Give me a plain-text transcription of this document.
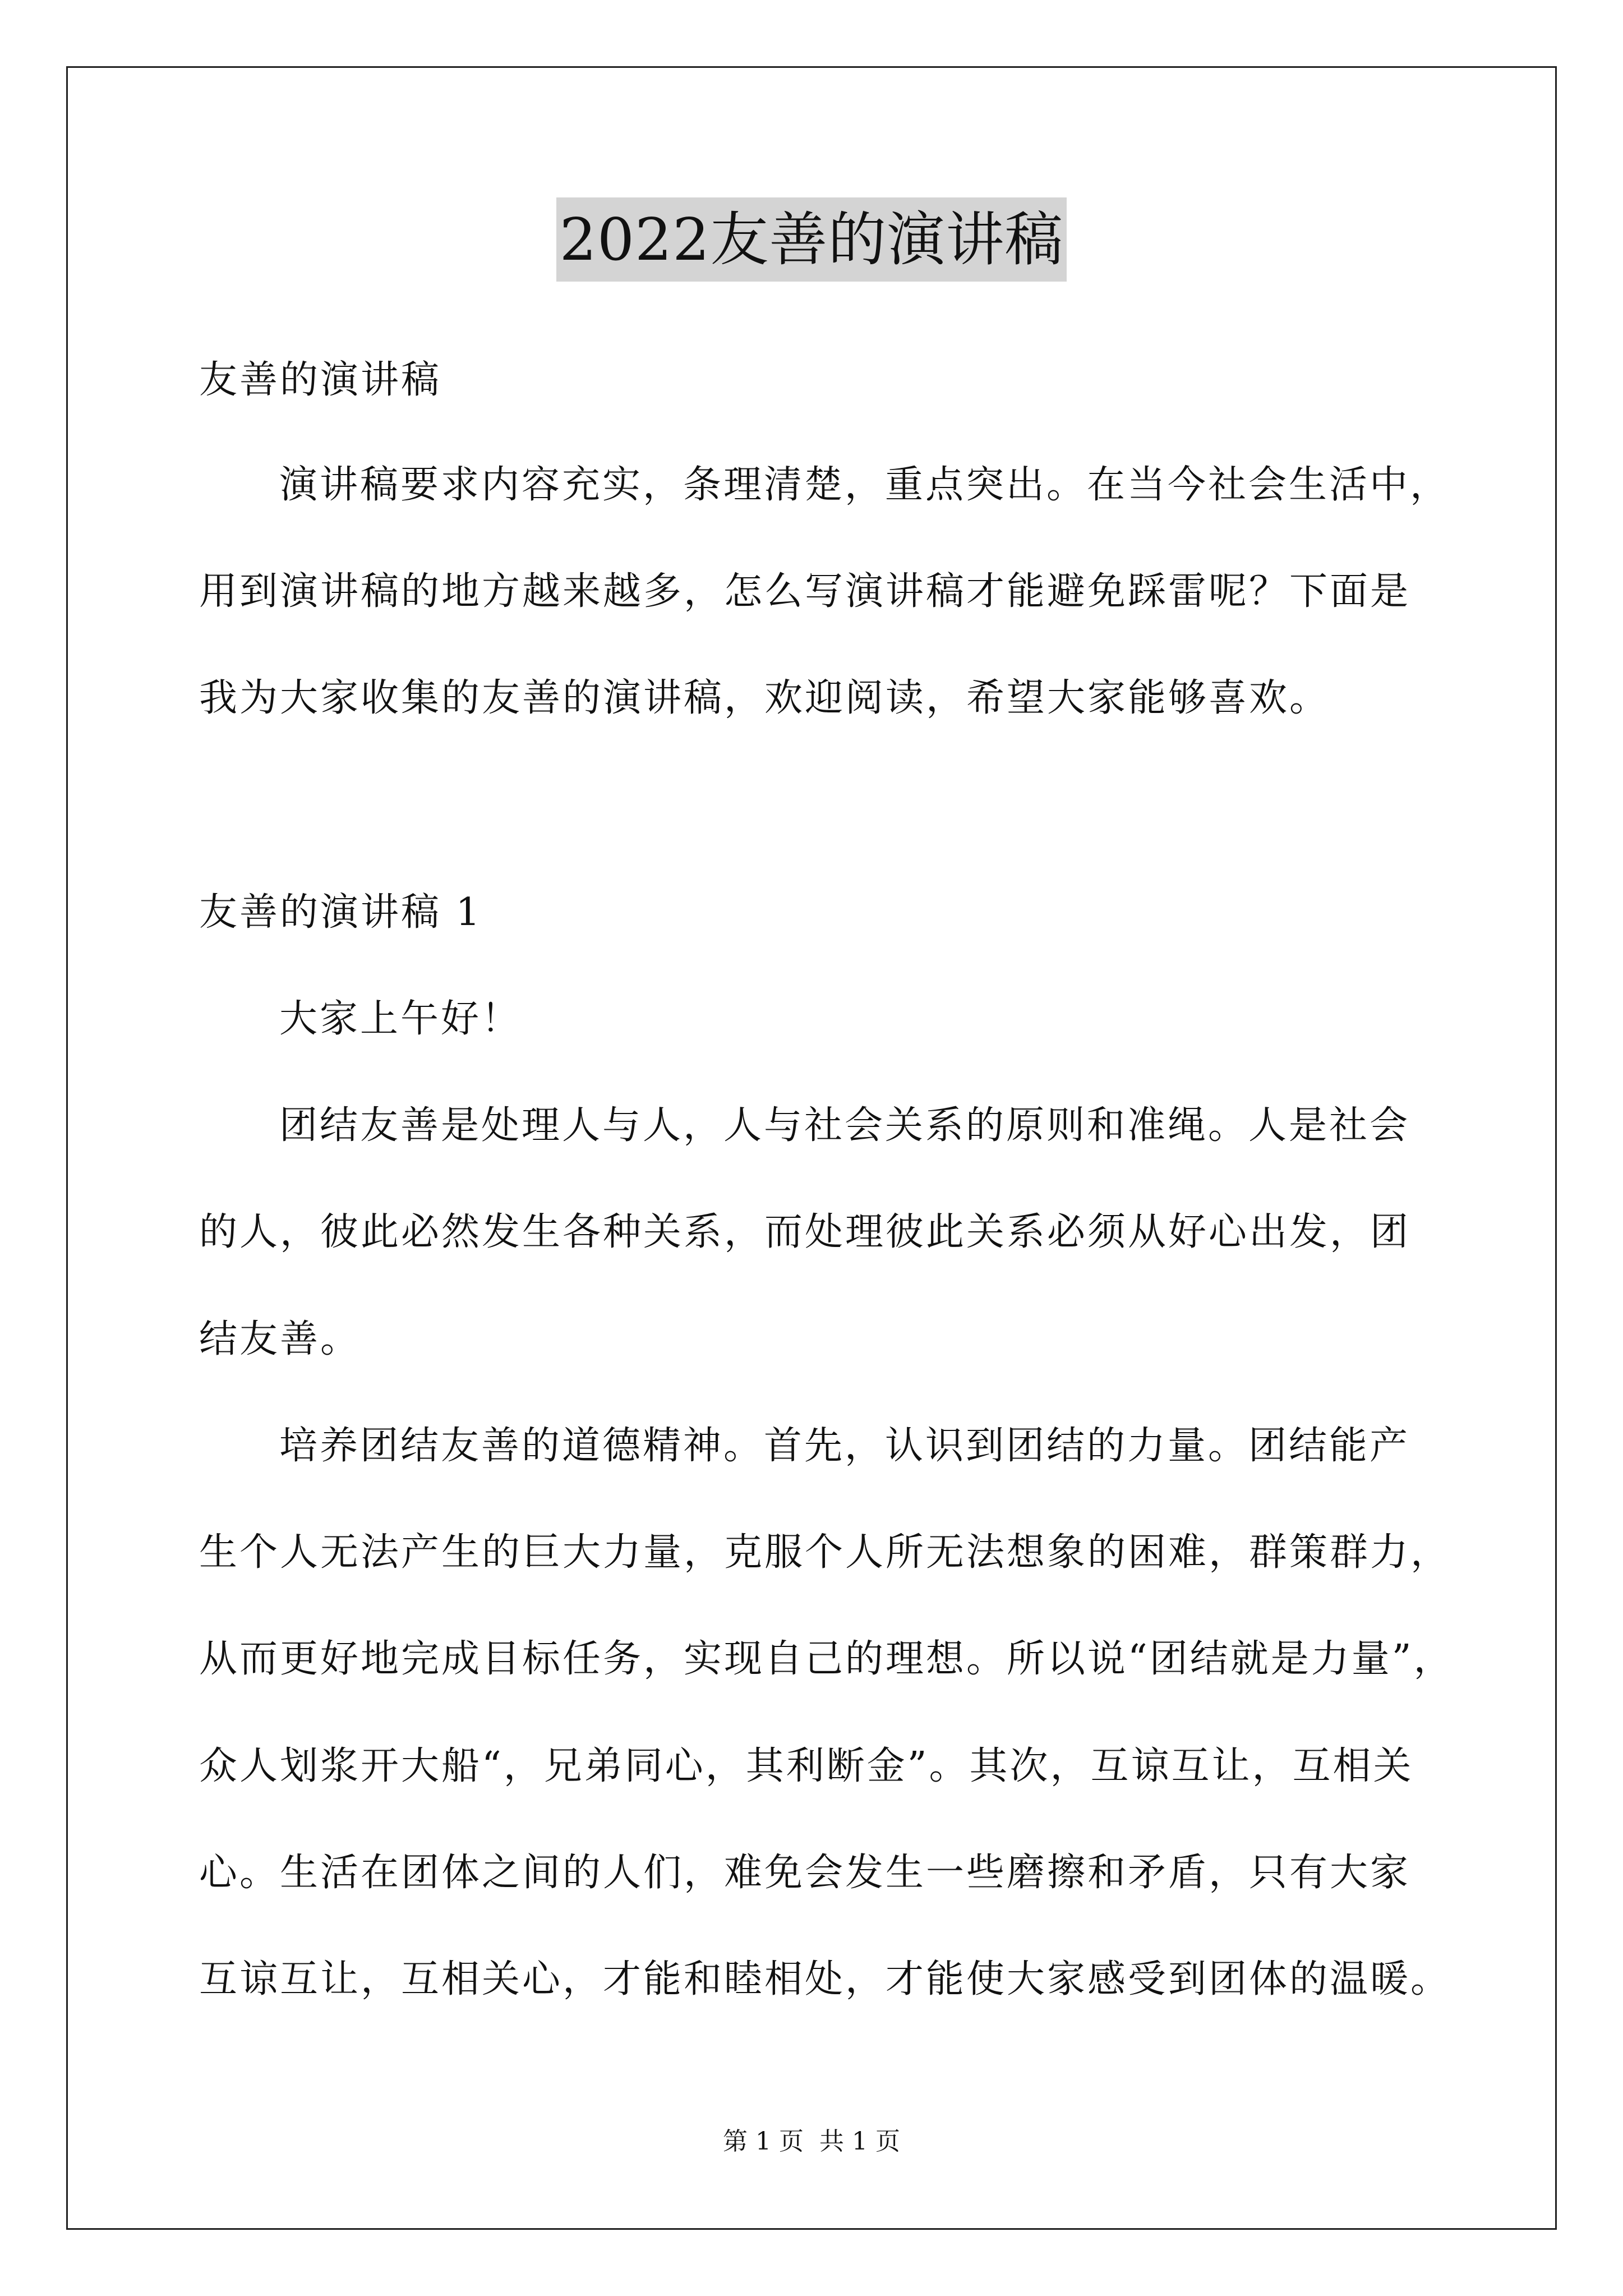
2022友善的演讲稿
友善的演讲稿
演讲稿要求内容充实，条理清楚，重点突出。在当今社会生活中，
用到演讲稿的地方越来越多，怎么写演讲稿才能避免踩雷呢？下面是
我为大家收集的友善的演讲稿，欢迎阅读，希望大家能够喜欢。
友善的演讲稿 1
大家上午好！
团结友善是处理人与人，人与社会关系的原则和准绳。人是社会
的人，彼此必然发生各种关系，而处理彼此关系必须从好心出发，团
结友善。
培养团结友善的道德精神。首先，认识到团结的力量。团结能产
生个人无法产生的巨大力量，克服个人所无法想象的困难，群策群力，
从而更好地完成目标任务，实现自己的理想。所以说“团结就是力量”，
众人划浆开大船“，兄弟同心，其利断金”。其次，互谅互让，互相关
心。生活在团体之间的人们，难免会发生一些磨擦和矛盾，只有大家
互谅互让，互相关心，才能和睦相处，才能使大家感受到团体的温暖。
第 1 页 共 1 页
